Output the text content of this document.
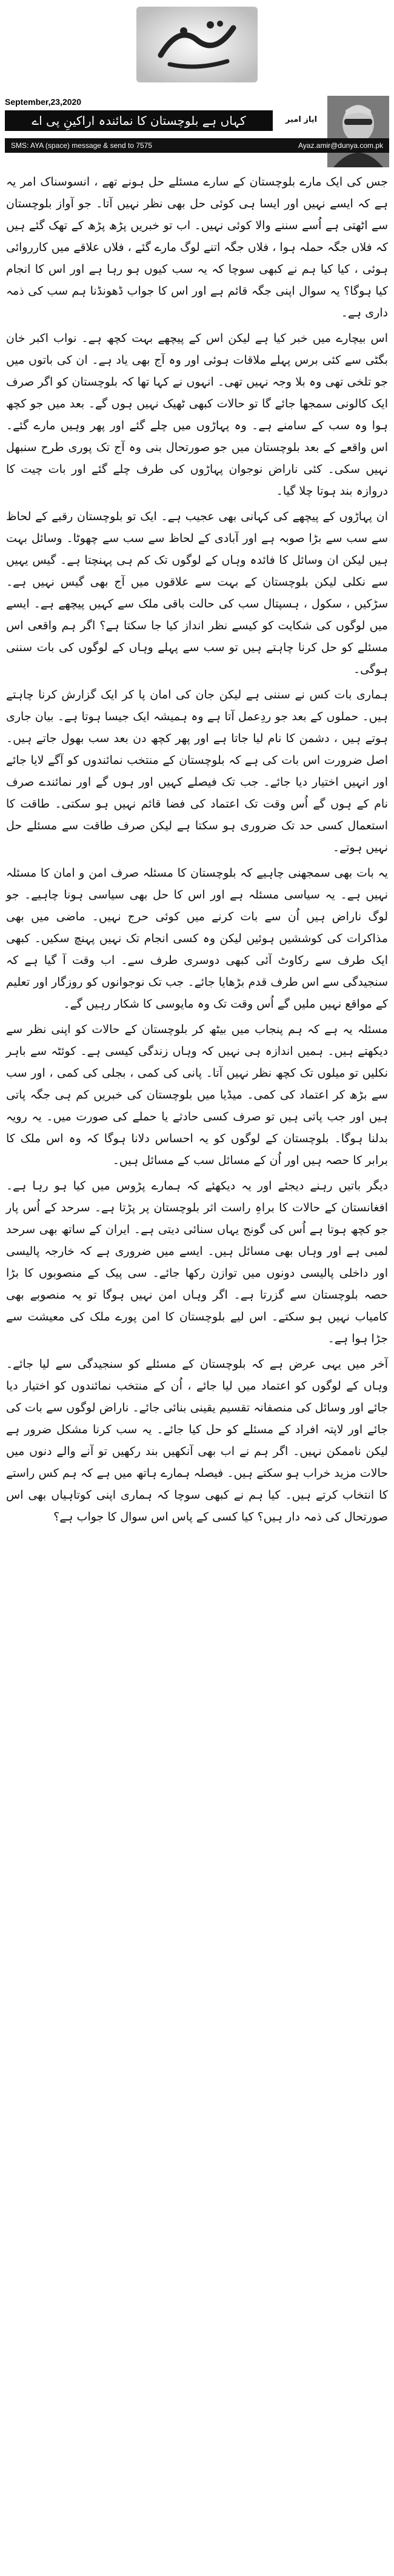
September,23,2020
کہاں ہے بلوچستان کا نمائندہ اراکینِ پی اے	ایاز امیر
SMS: AYA (space) message & send to 7575	Ayaz.amir@dunya.com.pk

جس کی ایک مارے بلوچستان کے سارے مسئلے حل ہونے تھے ، انسوسناک امر یہ ہے کہ ایسے نہیں اور ایسا ہی کوئی حل بھی نظر نہیں آتا۔ جو آواز بلوچستان سے اٹھتی ہے اُسے سننے والا کوئی نہیں۔ اب تو خبریں پڑھ پڑھ کے تھک گئے ہیں کہ فلاں جگہ حملہ ہوا ، فلاں جگہ اتنے لوگ مارے گئے ، فلاں علاقے میں کارروائی ہوئی ، کیا کیا ہم نے کبھی سوچا کہ یہ سب کیوں ہو رہا ہے اور اس کا انجام کیا ہوگا؟ یہ سوال اپنی جگہ قائم ہے اور اس کا جواب ڈھونڈنا ہم سب کی ذمہ داری ہے۔

اس بیچارے میں خبر کیا ہے لیکن اس کے پیچھے بہت کچھ ہے۔ نواب اکبر خان بگٹی سے کئی برس پہلے ملاقات ہوئی اور وہ آج بھی یاد ہے۔ ان کی باتوں میں جو تلخی تھی وہ بلا وجہ نہیں تھی۔ انہوں نے کہا تھا کہ بلوچستان کو اگر صرف ایک کالونی سمجھا جائے گا تو حالات کبھی ٹھیک نہیں ہوں گے۔ بعد میں جو کچھ ہوا وہ سب کے سامنے ہے۔ وہ پہاڑوں میں چلے گئے اور پھر وہیں مارے گئے۔ اس واقعے کے بعد بلوچستان میں جو صورتحال بنی وہ آج تک پوری طرح سنبھل نہیں سکی۔ کئی ناراض نوجوان پہاڑوں کی طرف چلے گئے اور بات چیت کا دروازہ بند ہوتا چلا گیا۔

ان پہاڑوں کے پیچھے کی کہانی بھی عجیب ہے۔ ایک تو بلوچستان رقبے کے لحاظ سے سب سے بڑا صوبہ ہے اور آبادی کے لحاظ سے سب سے چھوٹا۔ وسائل بہت ہیں لیکن ان وسائل کا فائدہ وہاں کے لوگوں تک کم ہی پہنچتا ہے۔ گیس یہیں سے نکلی لیکن بلوچستان کے بہت سے علاقوں میں آج بھی گیس نہیں ہے۔ سڑکیں ، سکول ، ہسپتال سب کی حالت باقی ملک سے کہیں پیچھے ہے۔ ایسے میں لوگوں کی شکایت کو کیسے نظر انداز کیا جا سکتا ہے؟ اگر ہم واقعی اس مسئلے کو حل کرنا چاہتے ہیں تو سب سے پہلے وہاں کے لوگوں کی بات سننی ہوگی۔

ہماری بات کس نے سننی ہے لیکن جان کی امان پا کر ایک گزارش کرنا چاہتے ہیں۔ حملوں کے بعد جو ردِعمل آتا ہے وہ ہمیشہ ایک جیسا ہوتا ہے۔ بیان جاری ہوتے ہیں ، دشمن کا نام لیا جاتا ہے اور پھر کچھ دن بعد سب بھول جاتے ہیں۔ اصل ضرورت اس بات کی ہے کہ بلوچستان کے منتخب نمائندوں کو آگے لایا جائے اور انہیں اختیار دیا جائے۔ جب تک فیصلے کہیں اور ہوں گے اور نمائندے صرف نام کے ہوں گے اُس وقت تک اعتماد کی فضا قائم نہیں ہو سکتی۔ طاقت کا استعمال کسی حد تک ضروری ہو سکتا ہے لیکن صرف طاقت سے مسئلے حل نہیں ہوتے۔

یہ بات بھی سمجھنی چاہیے کہ بلوچستان کا مسئلہ صرف امن و امان کا مسئلہ نہیں ہے۔ یہ سیاسی مسئلہ ہے اور اس کا حل بھی سیاسی ہونا چاہیے۔ جو لوگ ناراض ہیں اُن سے بات کرنے میں کوئی حرج نہیں۔ ماضی میں بھی مذاکرات کی کوششیں ہوئیں لیکن وہ کسی انجام تک نہیں پہنچ سکیں۔ کبھی ایک طرف سے رکاوٹ آئی کبھی دوسری طرف سے۔ اب وقت آ گیا ہے کہ سنجیدگی سے اس طرف قدم بڑھایا جائے۔ جب تک نوجوانوں کو روزگار اور تعلیم کے مواقع نہیں ملیں گے اُس وقت تک وہ مایوسی کا شکار رہیں گے۔

مسئلہ یہ ہے کہ ہم پنجاب میں بیٹھ کر بلوچستان کے حالات کو اپنی نظر سے دیکھتے ہیں۔ ہمیں اندازہ ہی نہیں کہ وہاں زندگی کیسی ہے۔ کوئٹہ سے باہر نکلیں تو میلوں تک کچھ نظر نہیں آتا۔ پانی کی کمی ، بجلی کی کمی ، اور سب سے بڑھ کر اعتماد کی کمی۔ میڈیا میں بلوچستان کی خبریں کم ہی جگہ پاتی ہیں اور جب پاتی ہیں تو صرف کسی حادثے یا حملے کی صورت میں۔ یہ رویہ بدلنا ہوگا۔ بلوچستان کے لوگوں کو یہ احساس دلانا ہوگا کہ وہ اس ملک کا برابر کا حصہ ہیں اور اُن کے مسائل سب کے مسائل ہیں۔

دیگر باتیں رہنے دیجئے اور یہ دیکھئے کہ ہمارے پڑوس میں کیا ہو رہا ہے۔ افغانستان کے حالات کا براہِ راست اثر بلوچستان پر پڑتا ہے۔ سرحد کے اُس پار جو کچھ ہوتا ہے اُس کی گونج یہاں سنائی دیتی ہے۔ ایران کے ساتھ بھی سرحد لمبی ہے اور وہاں بھی مسائل ہیں۔ ایسے میں ضروری ہے کہ خارجہ پالیسی اور داخلی پالیسی دونوں میں توازن رکھا جائے۔ سی پیک کے منصوبوں کا بڑا حصہ بلوچستان سے گزرتا ہے۔ اگر وہاں امن نہیں ہوگا تو یہ منصوبے بھی کامیاب نہیں ہو سکتے۔ اس لیے بلوچستان کا امن پورے ملک کی معیشت سے جڑا ہوا ہے۔

آخر میں یہی عرض ہے کہ بلوچستان کے مسئلے کو سنجیدگی سے لیا جائے۔ وہاں کے لوگوں کو اعتماد میں لیا جائے ، اُن کے منتخب نمائندوں کو اختیار دیا جائے اور وسائل کی منصفانہ تقسیم یقینی بنائی جائے۔ ناراض لوگوں سے بات کی جائے اور لاپتہ افراد کے مسئلے کو حل کیا جائے۔ یہ سب کرنا مشکل ضرور ہے لیکن ناممکن نہیں۔ اگر ہم نے اب بھی آنکھیں بند رکھیں تو آنے والے دنوں میں حالات مزید خراب ہو سکتے ہیں۔ فیصلہ ہمارے ہاتھ میں ہے کہ ہم کس راستے کا انتخاب کرتے ہیں۔ کیا ہم نے کبھی سوچا کہ ہماری اپنی کوتاہیاں بھی اس صورتحال کی ذمہ دار ہیں؟ کیا کسی کے پاس اس سوال کا جواب ہے؟
